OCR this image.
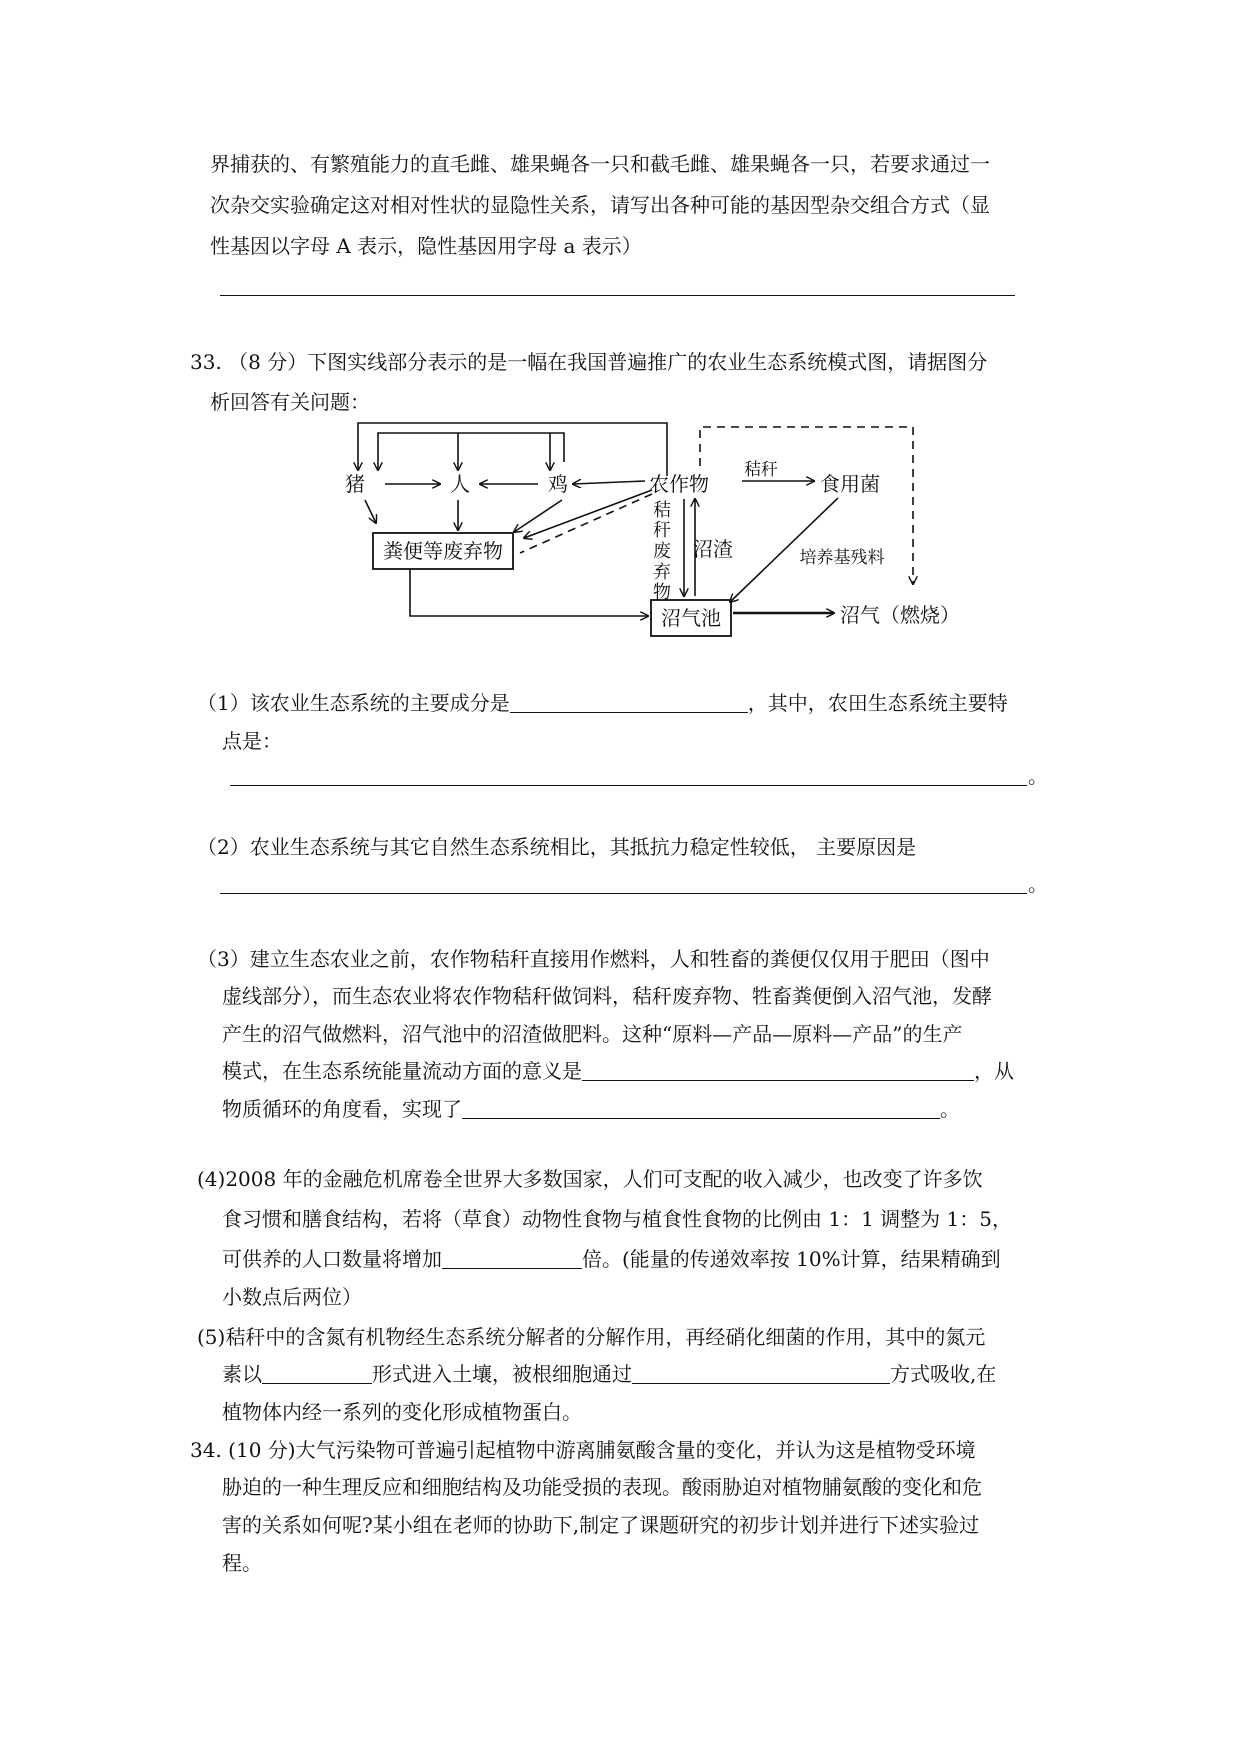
界捕获的、有繁殖能力的直毛雌、雄果蝇各一只和截毛雌、雄果蝇各一只，若要求通过一
次杂交实验确定这对相对性状的显隐性关系，请写出各种可能的基因型杂交组合方式（显
性基因以字母 A 表示，隐性基因用字母 a 表示）
33. （8 分）下图实线部分表示的是一幅在我国普遍推广的农业生态系统模式图，请据图分
析回答有关问题：
猪	人	鸡	农作物
秸秆
食用菌
秸
秆
废
弃
物
沼渣	培养基残料
粪便等废弃物
沼气池	沼气（燃烧）
（1）该农业生态系统的主要成分是	，其中，农田生态系统主要特
点是：
。
（2）农业生态系统与其它自然生态系统相比，其抵抗力稳定性较低， 主要原因是
。
（3）建立生态农业之前，农作物秸秆直接用作燃料，人和牲畜的粪便仅仅用于肥田（图中
虚线部分），而生态农业将农作物秸秆做饲料，秸秆废弃物、牲畜粪便倒入沼气池，发酵
产生的沼气做燃料，沼气池中的沼渣做肥料。这种“原料—产品—原料—产品”的生产
模式，在生态系统能量流动方面的意义是	，从
物质循环的角度看，实现了	。
(4)2008 年的金融危机席卷全世界大多数国家，人们可支配的收入减少，也改变了许多饮
食习惯和膳食结构，若将（草食）动物性食物与植食性食物的比例由 1：1 调整为 1：5，
可供养的人口数量将增加	倍。(能量的传递效率按 10%计算，结果精确到
小数点后两位）
(5)秸秆中的含氮有机物经生态系统分解者的分解作用，再经硝化细菌的作用，其中的氮元
素以	形式进入土壤，被根细胞通过	方式吸收,在
植物体内经一系列的变化形成植物蛋白。
34. (10 分)大气污染物可普遍引起植物中游离脯氨酸含量的变化，并认为这是植物受环境
胁迫的一种生理反应和细胞结构及功能受损的表现。酸雨胁迫对植物脯氨酸的变化和危
害的关系如何呢?某小组在老师的协助下,制定了课题研究的初步计划并进行下述实验过
程。
